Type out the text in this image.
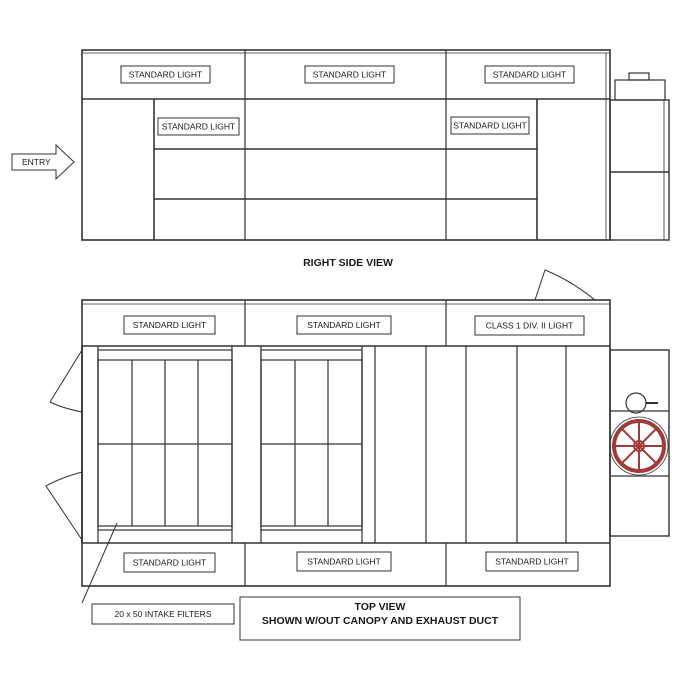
ENTRY
STANDARD LIGHT	STANDARD LIGHT	STANDARD LIGHT
STANDARD LIGHT	STANDARD LIGHT
RIGHT SIDE VIEW
STANDARD LIGHT	STANDARD LIGHT	CLASS 1 DIV. II LIGHT
STANDARD LIGHT	STANDARD LIGHT	STANDARD LIGHT
20 x 50 INTAKE FILTERS
TOP VIEW
SHOWN W/OUT CANOPY AND EXHAUST DUCT
